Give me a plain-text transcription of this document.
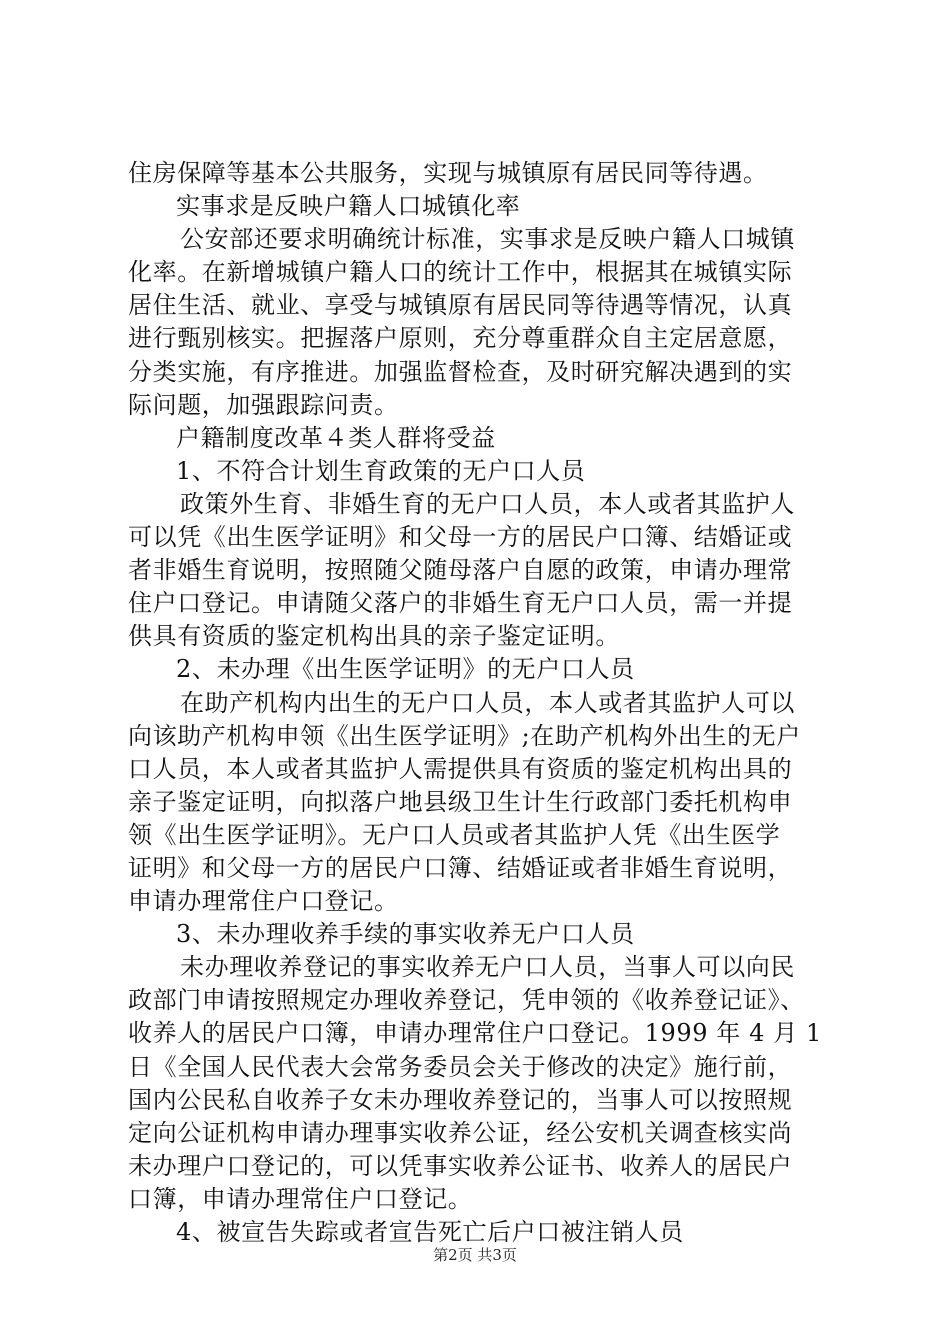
住房保障等基本公共服务，实现与城镇原有居民同等待遇。
实事求是反映户籍人口城镇化率
公安部还要求明确统计标准，实事求是反映户籍人口城镇
化率。在新增城镇户籍人口的统计工作中，根据其在城镇实际
居住生活、就业、享受与城镇原有居民同等待遇等情况，认真
进行甄别核实。把握落户原则，充分尊重群众自主定居意愿，
分类实施，有序推进。加强监督检查，及时研究解决遇到的实
际问题，加强跟踪问责。
户籍制度改革４类人群将受益
1、不符合计划生育政策的无户口人员
政策外生育、非婚生育的无户口人员，本人或者其监护人
可以凭《出生医学证明》和父母一方的居民户口簿、结婚证或
者非婚生育说明，按照随父随母落户自愿的政策，申请办理常
住户口登记。申请随父落户的非婚生育无户口人员，需一并提
供具有资质的鉴定机构出具的亲子鉴定证明。
2、未办理《出生医学证明》的无户口人员
在助产机构内出生的无户口人员，本人或者其监护人可以
向该助产机构申领《出生医学证明》;在助产机构外出生的无户
口人员，本人或者其监护人需提供具有资质的鉴定机构出具的
亲子鉴定证明，向拟落户地县级卫生计生行政部门委托机构申
领《出生医学证明》。无户口人员或者其监护人凭《出生医学
证明》和父母一方的居民户口簿、结婚证或者非婚生育说明，
申请办理常住户口登记。
3、未办理收养手续的事实收养无户口人员
未办理收养登记的事实收养无户口人员，当事人可以向民
政部门申请按照规定办理收养登记，凭申领的《收养登记证》、
收养人的居民户口簿，申请办理常住户口登记。1999 年 4 月 1
日《全国人民代表大会常务委员会关于修改的决定》施行前，
国内公民私自收养子女未办理收养登记的，当事人可以按照规
定向公证机构申请办理事实收养公证，经公安机关调查核实尚
未办理户口登记的，可以凭事实收养公证书、收养人的居民户
口簿，申请办理常住户口登记。
4、被宣告失踪或者宣告死亡后户口被注销人员
第2页 共3页
